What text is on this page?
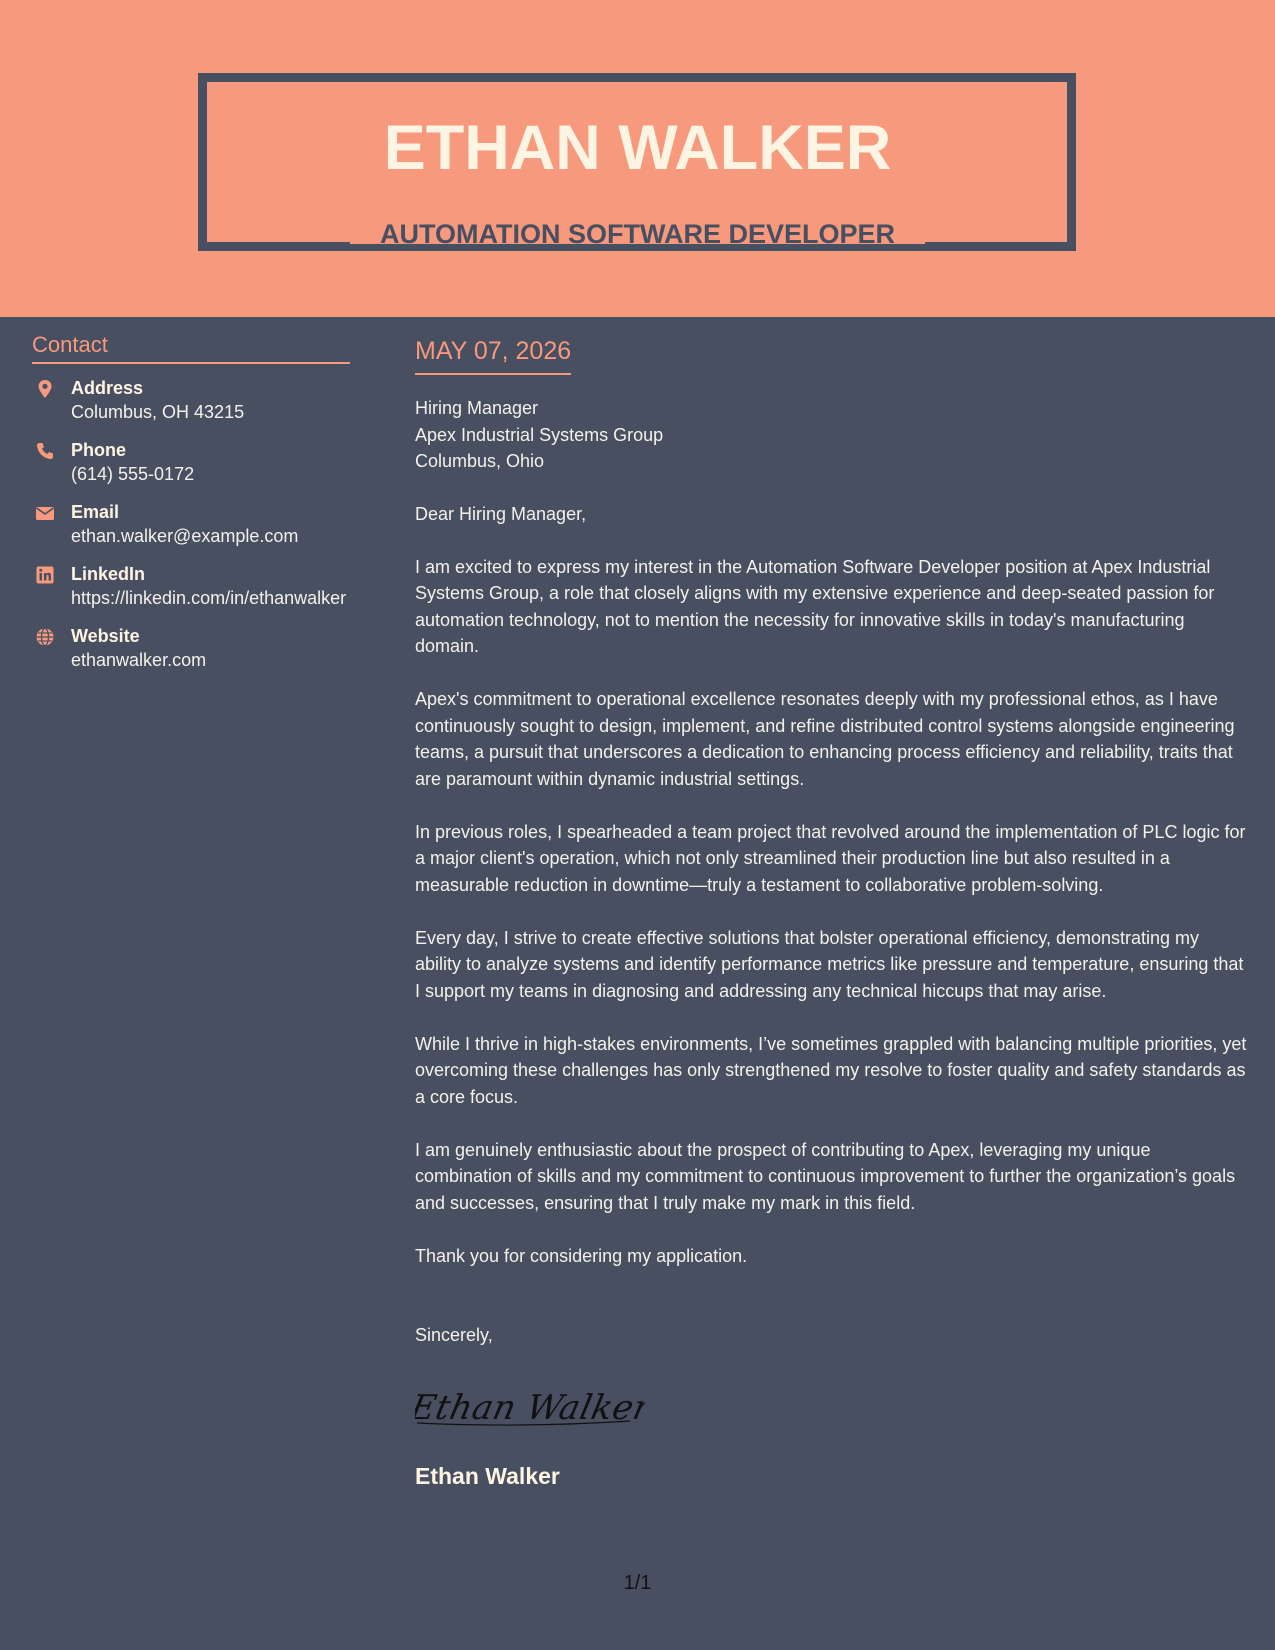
ETHAN WALKER
AUTOMATION SOFTWARE DEVELOPER
Contact
Address
Columbus, OH 43215
Phone
(614) 555-0172
Email
ethan.walker@example.com
LinkedIn
https://linkedin.com/in/ethanwalker
Website
ethanwalker.com
MAY 07, 2026
Hiring Manager
Apex Industrial Systems Group
Columbus, Ohio
Dear Hiring Manager,

I am excited to express my interest in the Automation Software Developer position at Apex Industrial Systems Group, a role that closely aligns with my extensive experience and deep-seated passion for automation technology, not to mention the necessity for innovative skills in today's manufacturing domain.

Apex's commitment to operational excellence resonates deeply with my professional ethos, as I have continuously sought to design, implement, and refine distributed control systems alongside engineering teams, a pursuit that underscores a dedication to enhancing process efficiency and reliability, traits that are paramount within dynamic industrial settings.

In previous roles, I spearheaded a team project that revolved around the implementation of PLC logic for a major client's operation, which not only streamlined their production line but also resulted in a measurable reduction in downtime—truly a testament to collaborative problem-solving.

Every day, I strive to create effective solutions that bolster operational efficiency, demonstrating my ability to analyze systems and identify performance metrics like pressure and temperature, ensuring that I support my teams in diagnosing and addressing any technical hiccups that may arise.

While I thrive in high-stakes environments, I’ve sometimes grappled with balancing multiple priorities, yet overcoming these challenges has only strengthened my resolve to foster quality and safety standards as a core focus.

I am genuinely enthusiastic about the prospect of contributing to Apex, leveraging my unique combination of skills and my commitment to continuous improvement to further the organization’s goals and successes, ensuring that I truly make my mark in this field.

Thank you for considering my application.

Sincerely,
Ethan Walker
Ethan Walker
1/1
